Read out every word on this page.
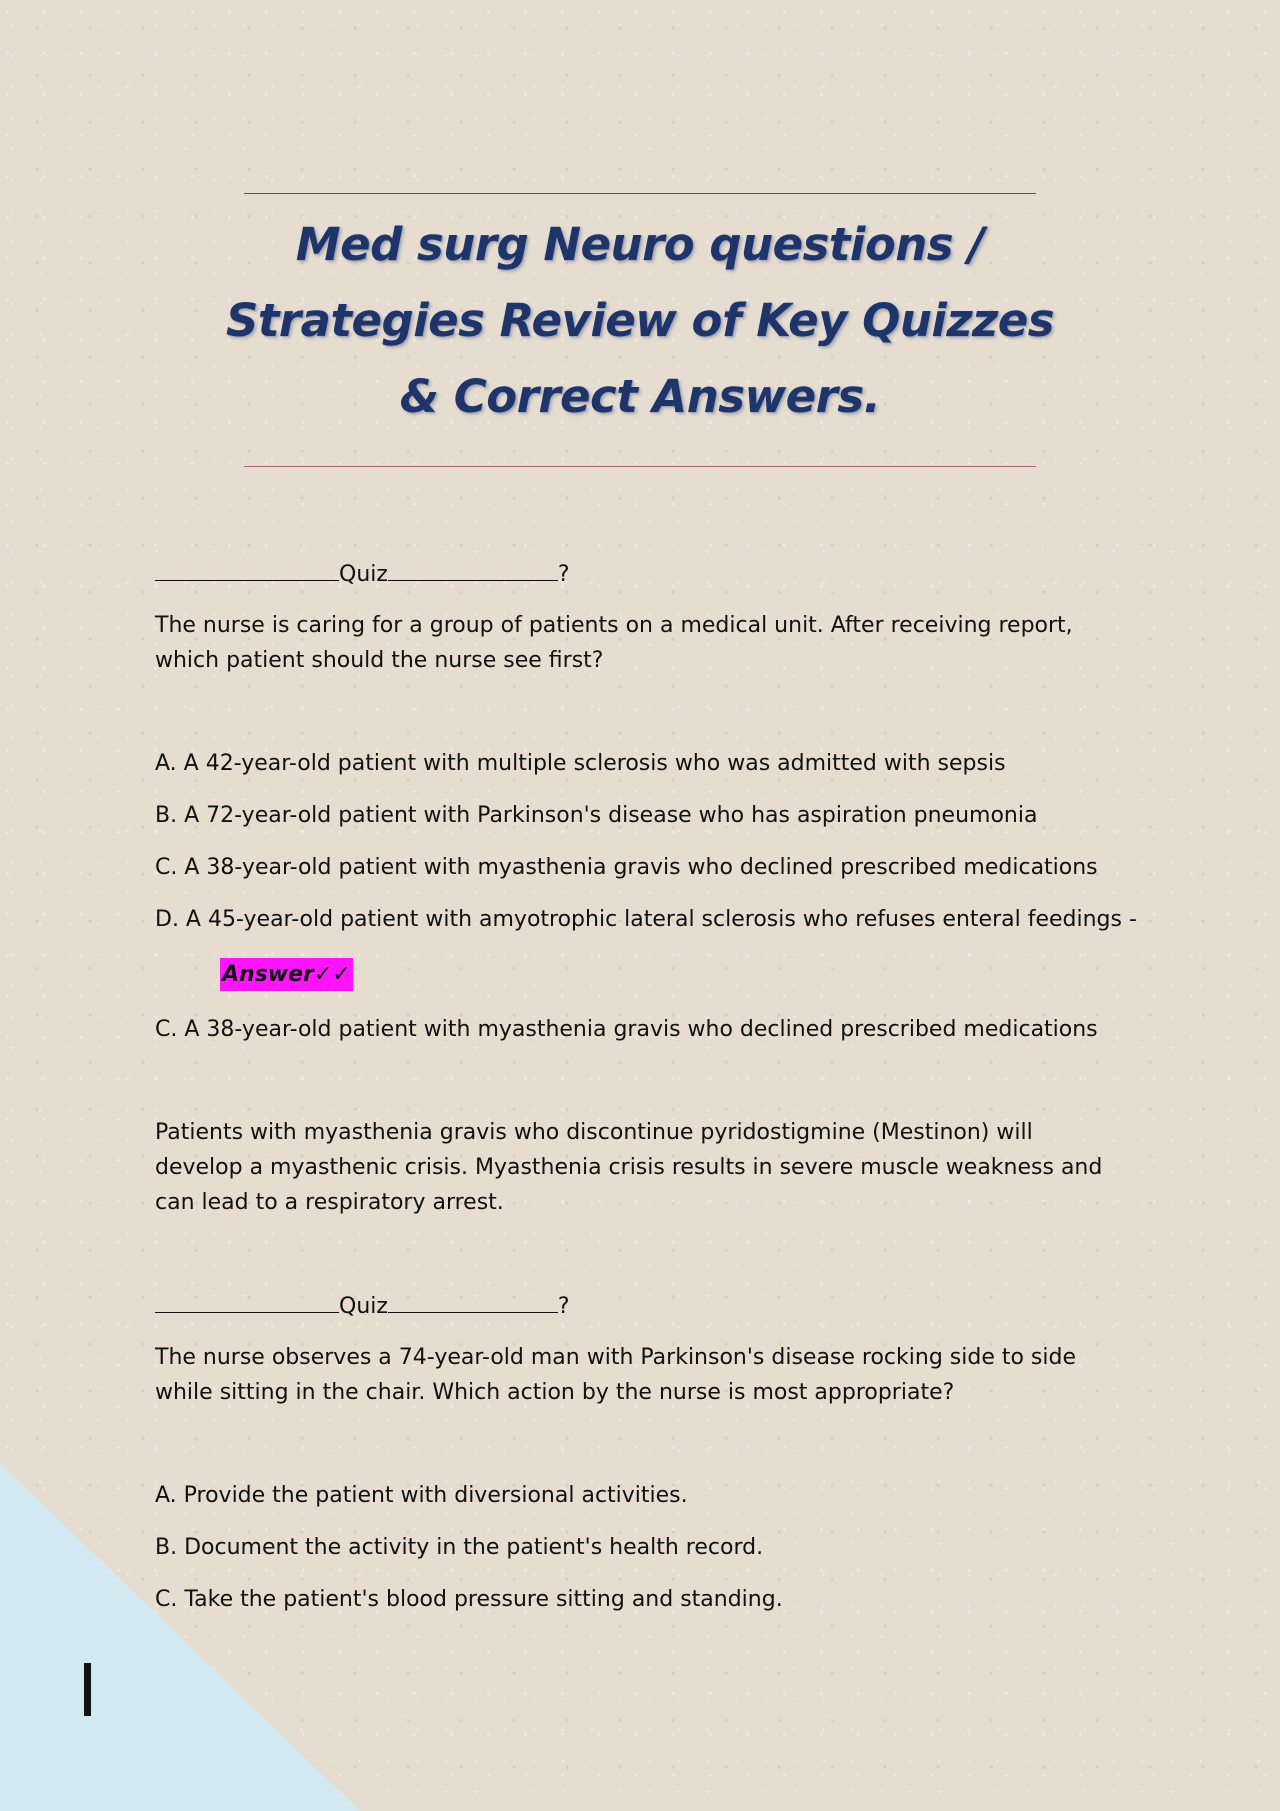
Med surg Neuro questions /
Strategies Review of Key Quizzes
& Correct Answers.
Quiz	?
The nurse is caring for a group of patients on a medical unit. After receiving report, which patient should the nurse see first?
A. A 42-year-old patient with multiple sclerosis who was admitted with sepsis
B. A 72-year-old patient with Parkinson's disease who has aspiration pneumonia
C. A 38-year-old patient with myasthenia gravis who declined prescribed medications
D. A 45-year-old patient with amyotrophic lateral sclerosis who refuses enteral feedings -
Answer✓✓
C. A 38-year-old patient with myasthenia gravis who declined prescribed medications
Patients with myasthenia gravis who discontinue pyridostigmine (Mestinon) will develop a myasthenic crisis. Myasthenia crisis results in severe muscle weakness and can lead to a respiratory arrest.
Quiz	?
The nurse observes a 74-year-old man with Parkinson's disease rocking side to side while sitting in the chair. Which action by the nurse is most appropriate?
A. Provide the patient with diversional activities.
B. Document the activity in the patient's health record.
C. Take the patient's blood pressure sitting and standing.
